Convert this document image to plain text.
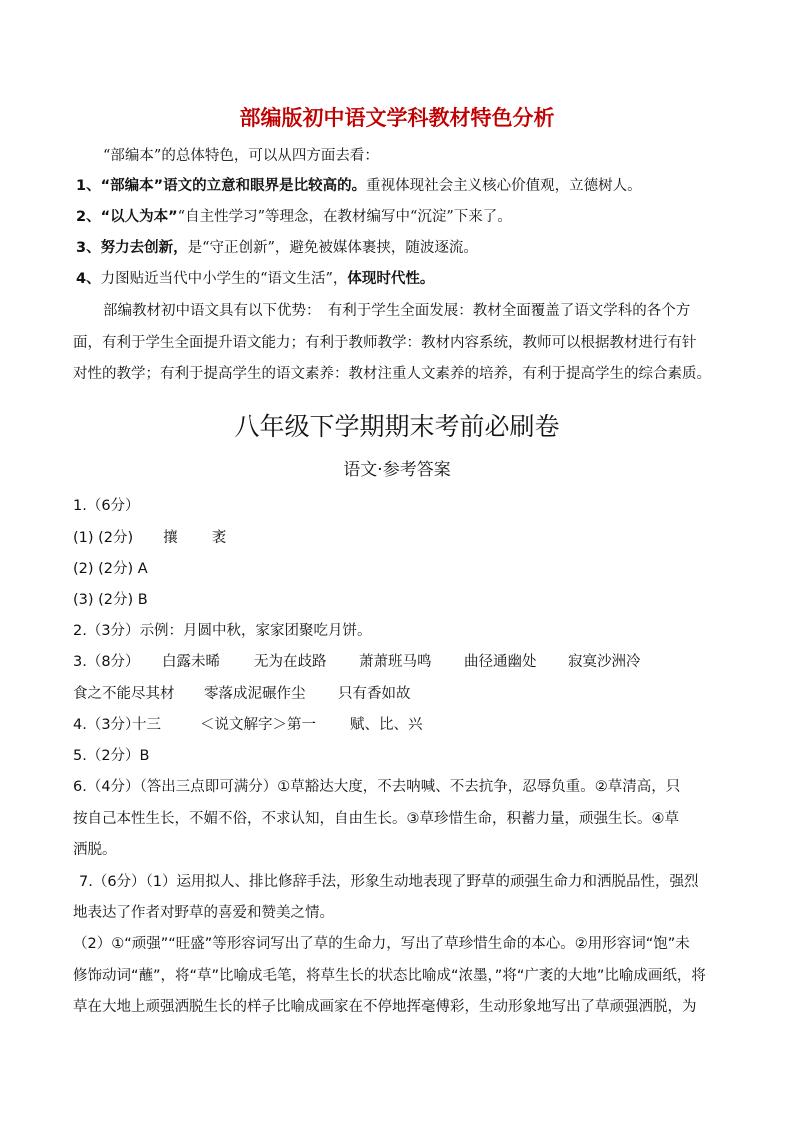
部编版初中语文学科教材特色分析
“部编本”的总体特色，可以从四方面去看：
1、“部编本”语文的立意和眼界是比较高的。重视体现社会主义核心价值观，立德树人。
2、“以人为本”“自主性学习”等理念，在教材编写中“沉淀”下来了。
3、努力去创新，是“守正创新”，避免被媒体裹挟，随波逐流。
4、力图贴近当代中小学生的“语文生活”，体现时代性。
部编教材初中语文具有以下优势：　有利于学生全面发展：教材全面覆盖了语文学科的各个方
面，有利于学生全面提升语文能力；有利于教师教学：教材内容系统，教师可以根据教材进行有针
对性的教学；有利于提高学生的语文素养：教材注重人文素养的培养，有利于提高学生的综合素质。
八年级下学期期末考前必刷卷
语文·参考答案
1.（6分）
(1) (2分) 攘 袤
(2) (2分) A
(3) (2分) B
2.（3分）示例：月圆中秋，家家团聚吃月饼。
3.（8分） 白露未晞 无为在歧路 萧萧班马鸣 曲径通幽处 寂寞沙洲冷
食之不能尽其材 零落成泥碾作尘 只有香如故
4.（3分）
十三	＜说文解字＞第一 赋、比、兴
5.（2分）B
6.（4分）（答出三点即可满分）①草豁达大度，不去呐喊、不去抗争，忍辱负重。②草清高，只
按自己本性生长，不媚不俗，不求认知，自由生长。③草珍惜生命，积蓄力量，顽强生长。④草
洒脱。
7.（6分）（1）运用拟人、排比修辞手法，形象生动地表现了野草的顽强生命力和洒脱品性，强烈
地表达了作者对野草的喜爱和赞美之情。
（2）①“顽强”“旺盛”等形容词写出了草的生命力，写出了草珍惜生命的本心。②用形容词“饱”未
修饰动词“蘸”，将“草”比喻成毛笔，将草生长的状态比喻成“浓墨，”将“广袤的大地”比喻成画纸，将
草在大地上顽强洒脱生长的样子比喻成画家在不停地挥毫傅彩，生动形象地写出了草顽强洒脱，为
